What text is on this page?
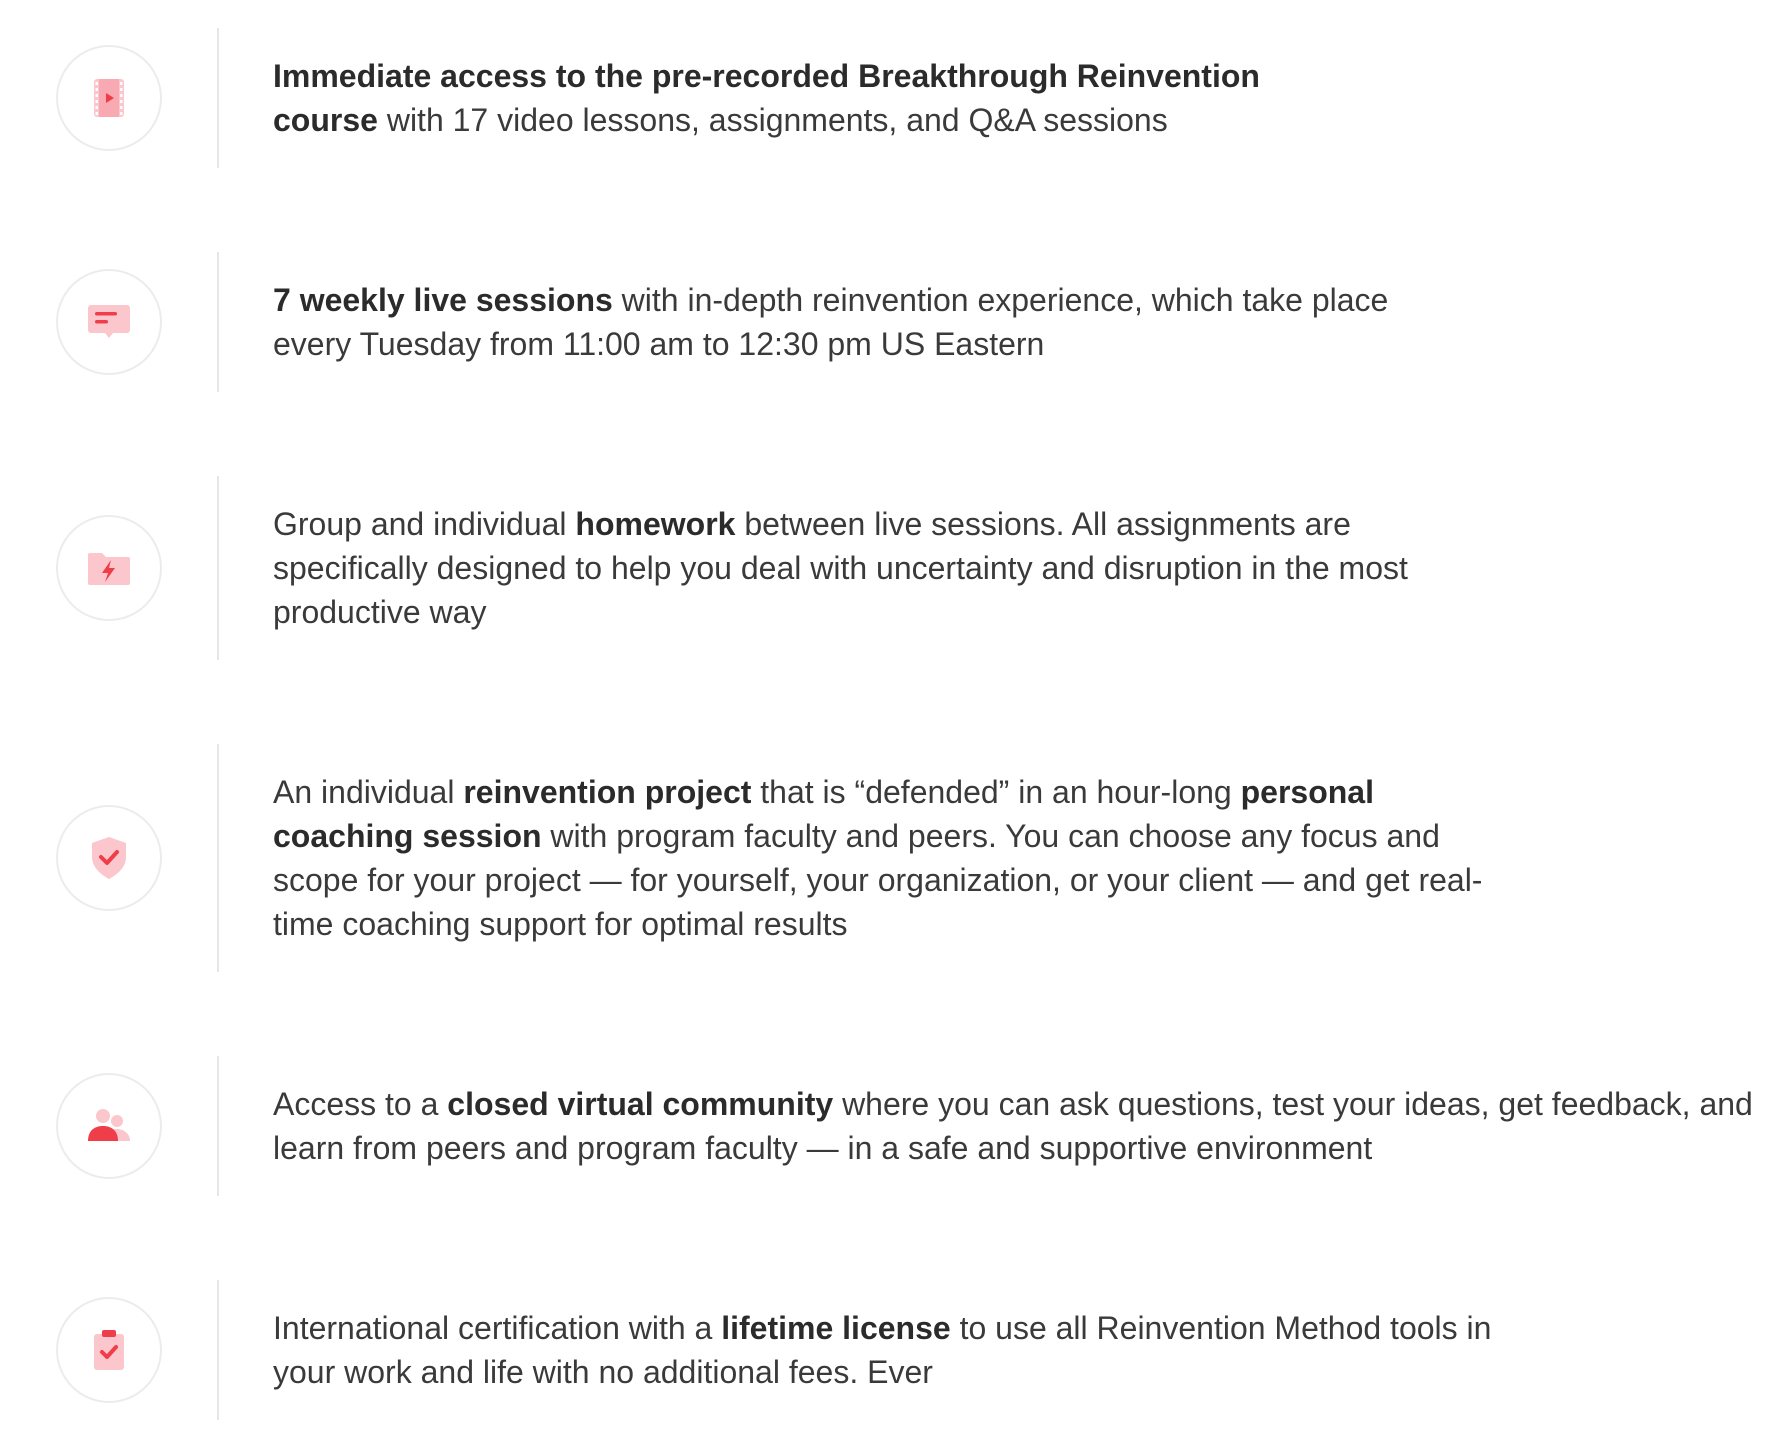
Immediate access to the pre-recorded Breakthrough Reinvention course with 17 video lessons, assignments, and Q&A sessions

7 weekly live sessions with in-depth reinvention experience, which take place every Tuesday from 11:00 am to 12:30 pm US Eastern

Group and individual homework between live sessions. All assignments are specifically designed to help you deal with uncertainty and disruption in the most productive way

An individual reinvention project that is “defended” in an hour-long personal coaching session with program faculty and peers. You can choose any focus and scope for your project — for yourself, your organization, or your client — and get real-time coaching support for optimal results

Access to a closed virtual community where you can ask questions, test your ideas, get feedback, and learn from peers and program faculty — in a safe and supportive environment

International certification with a lifetime license to use all Reinvention Method tools in your work and life with no additional fees. Ever
